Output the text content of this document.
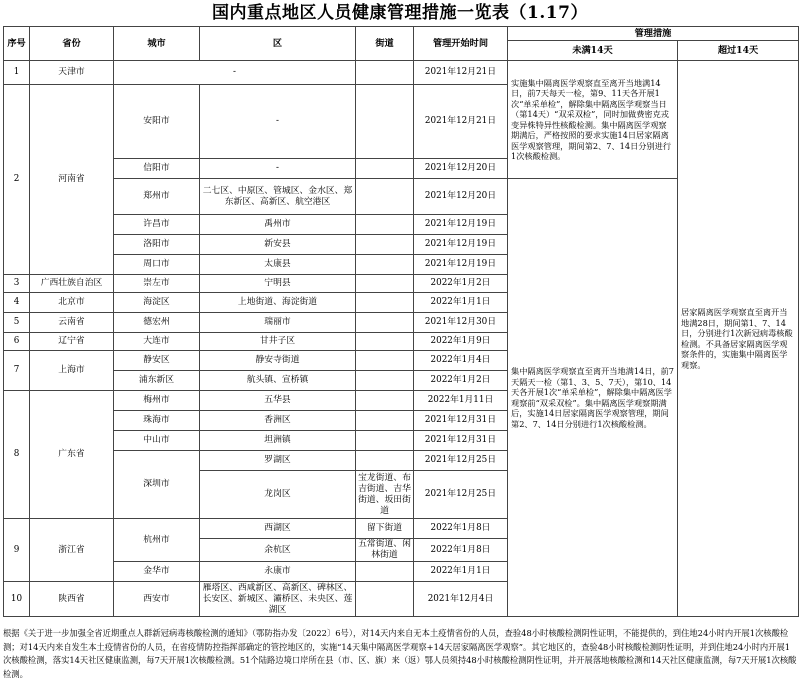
国内重点地区人员健康管理措施一览表（1.17）
序号	省份	城市	区	街道	管理开始时间	管理措施	
						未满14天	超过14天
1	天津市	-			2021年12月21日	实施集中隔离医学观察直至离开当地满14日，前7天每天一检，第9、11天各开展1次“单采单检”，解除集中隔离医学观察当日（第14天）“双采双检”，同时加做费密克戎变异株特异性核酸检测。集中隔离医学观察期满后，严格按照的要求实施14日居家隔离医学观察管理，期间第2、7、14日分别进行1次核酸检测。	居家隔离医学观察直至离开当地满28日，期间第1、7、14日，分别进行1次新冠病毒核酸检测。不具备居家隔离医学观察条件的，实施集中隔离医学观察。
2	河南省	安阳市	-		2021年12月21日		
		信阳市	-		2021年12月20日		
		郑州市	二七区、中原区、管城区、金水区、郑东新区、高新区、航空港区		2021年12月20日	集中隔离医学观察直至离开当地满14日，前7天隔天一检（第1、3、5、7天），第10、14天各开展1次“单采单检”，解除集中隔离医学观察前“双采双检”。集中隔离医学观察期满后，实施14日居家隔离医学观察管理，期间第2、7、14日分别进行1次核酸检测。	
		许昌市	禹州市		2021年12月19日		
		洛阳市	新安县		2021年12月19日		
		周口市	太康县		2021年12月19日		
3	广西壮族自治区	崇左市	宁明县		2022年1月2日		
4	北京市	海淀区	上地街道、海淀街道		2022年1月1日		
5	云南省	德宏州	瑞丽市		2021年12月30日		
6	辽宁省	大连市	甘井子区		2022年1月9日		
7	上海市	静安区	静安寺街道		2022年1月4日		
		浦东新区	航头镇、宣桥镇		2022年1月2日		
8	广东省	梅州市	五华县		2022年1月11日		
		珠海市	香洲区		2021年12月31日		
		中山市	坦洲镇		2021年12月31日		
		深圳市	罗湖区		2021年12月25日		
			龙岗区	宝龙街道、布吉街道、吉华街道、坂田街道	2021年12月25日		
9	浙江省	杭州市	西湖区	留下街道	2022年1月8日		
			余杭区	五常街道、闲林街道	2022年1月8日		
		金华市	永康市		2022年1月1日		
10	陕西省	西安市	雁塔区、西咸新区、高新区、碑林区、长安区、新城区、灞桥区、未央区、莲湖区		2021年12月4日		
根据《关于进一步加强全省近期重点人群新冠病毒核酸检测的通知》（鄂防指办发〔2022〕6号），对14天内来自无本土疫情省份的人员，查验48小时核酸检测阴性证明，不能提供的，到住地24小时内开展1次核酸检测；对14天内来自发生本土疫情省份的人员，在省疫情防控指挥部确定的管控地区的，实施“14天集中隔离医学观察+14天居家隔离医学观察”。其它地区的，查验48小时核酸检测阴性证明，并到住地24小时内开展1次核酸检测，落实14天社区健康监测，每7天开展1次核酸检测。51个陆路边境口岸所在县（市、区、旗）来（返）鄂人员须持48小时核酸检测阴性证明，并开展落地核酸检测和14天社区健康监测，每7天开展1次核酸检测。
